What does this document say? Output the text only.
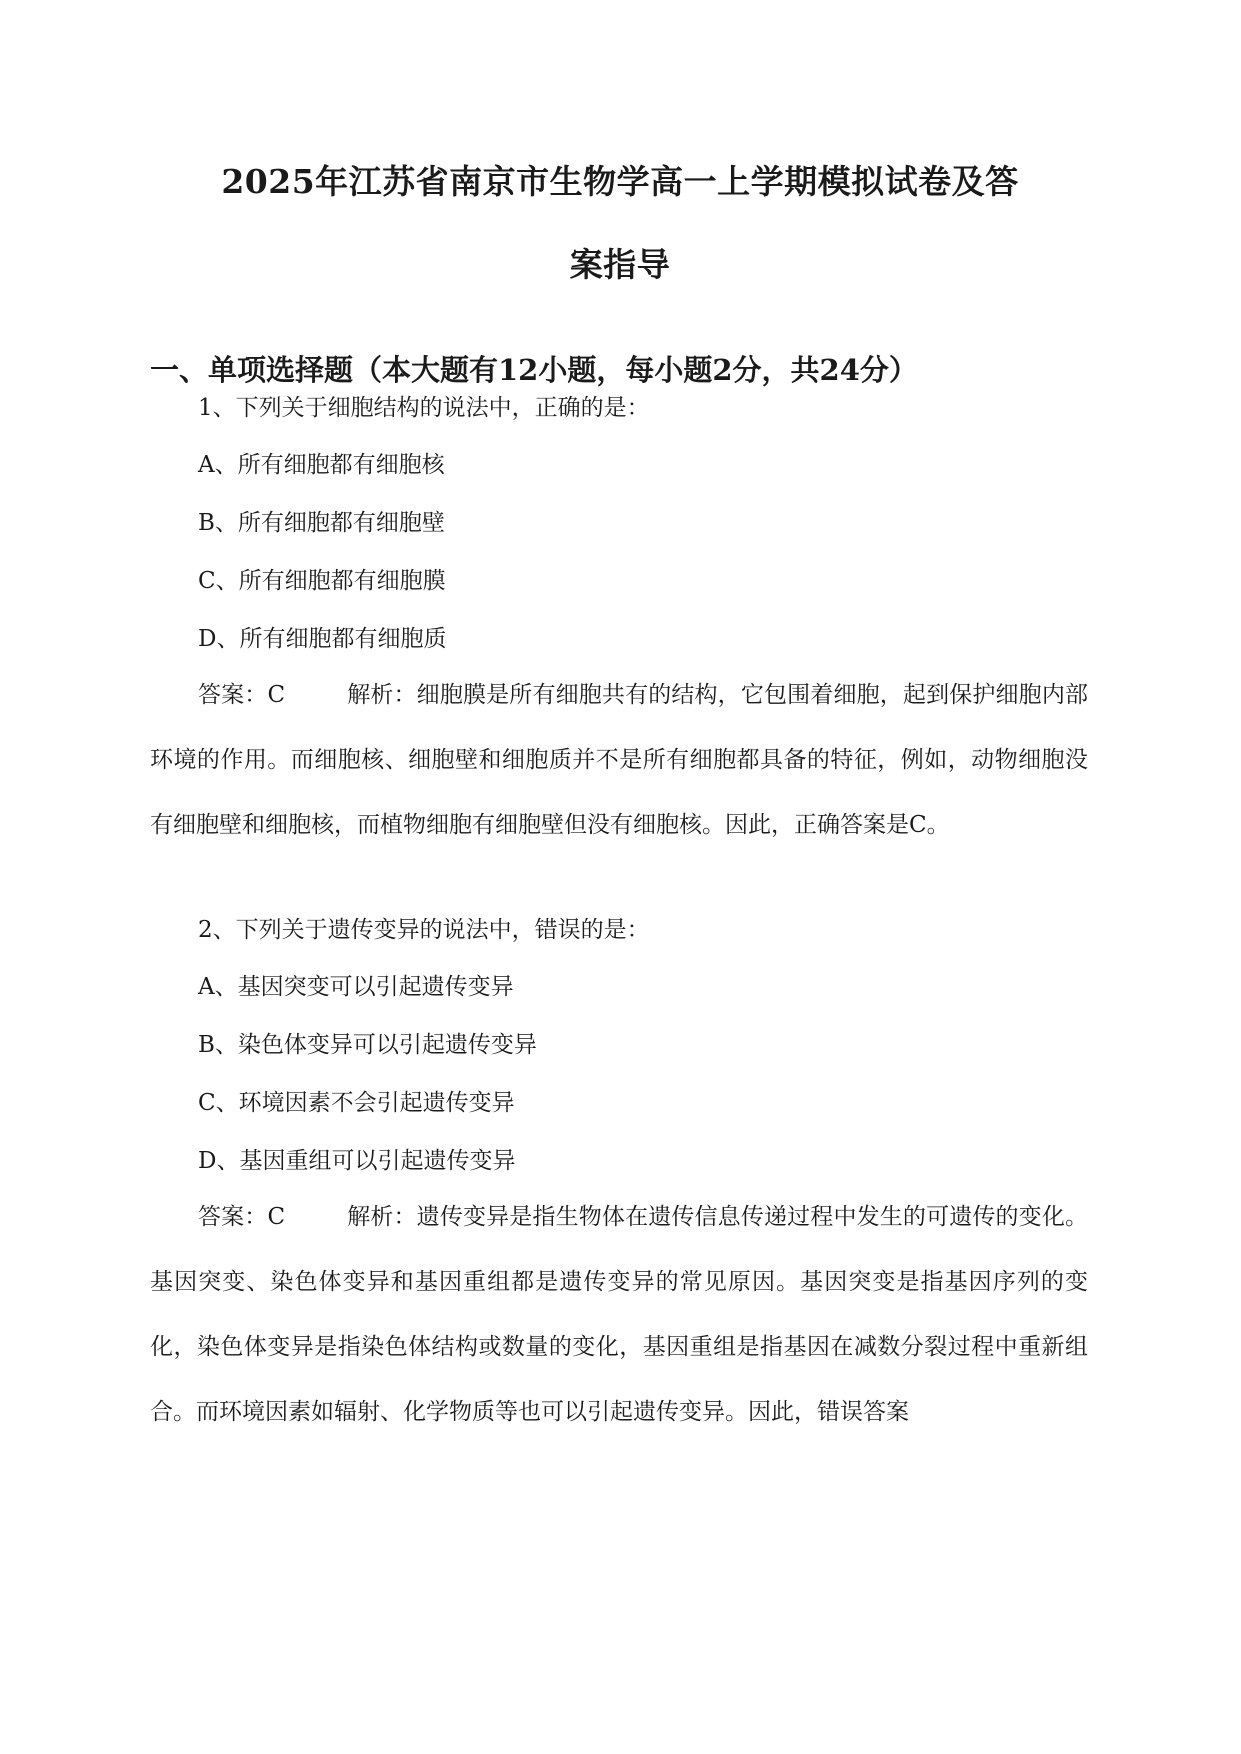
2025年江苏省南京市生物学高一上学期模拟试卷及答
案指导
一、单项选择题（本大题有12小题，每小题2分，共24分）
1、下列关于细胞结构的说法中，正确的是：
A、所有细胞都有细胞核
B、所有细胞都有细胞壁
C、所有细胞都有细胞膜
D、所有细胞都有细胞质

答案：C	解析：细胞膜是所有细胞共有的结构，它包围着细胞，起到保护细胞内部环境的作用。而细胞核、细胞壁和细胞质并不是所有细胞都具备的特征，例如，动物细胞没有细胞壁和细胞核，而植物细胞有细胞壁但没有细胞核。因此，正确答案是C。

2、下列关于遗传变异的说法中，错误的是：
A、基因突变可以引起遗传变异
B、染色体变异可以引起遗传变异
C、环境因素不会引起遗传变异
D、基因重组可以引起遗传变异

答案：C	解析：遗传变异是指生物体在遗传信息传递过程中发生的可遗传的变化。基因突变、染色体变异和基因重组都是遗传变异的常见原因。基因突变是指基因序列的变化，染色体变异是指染色体结构或数量的变化，基因重组是指基因在减数分裂过程中重新组合。而环境因素如辐射、化学物质等也可以引起遗传变异。因此，错误答案
